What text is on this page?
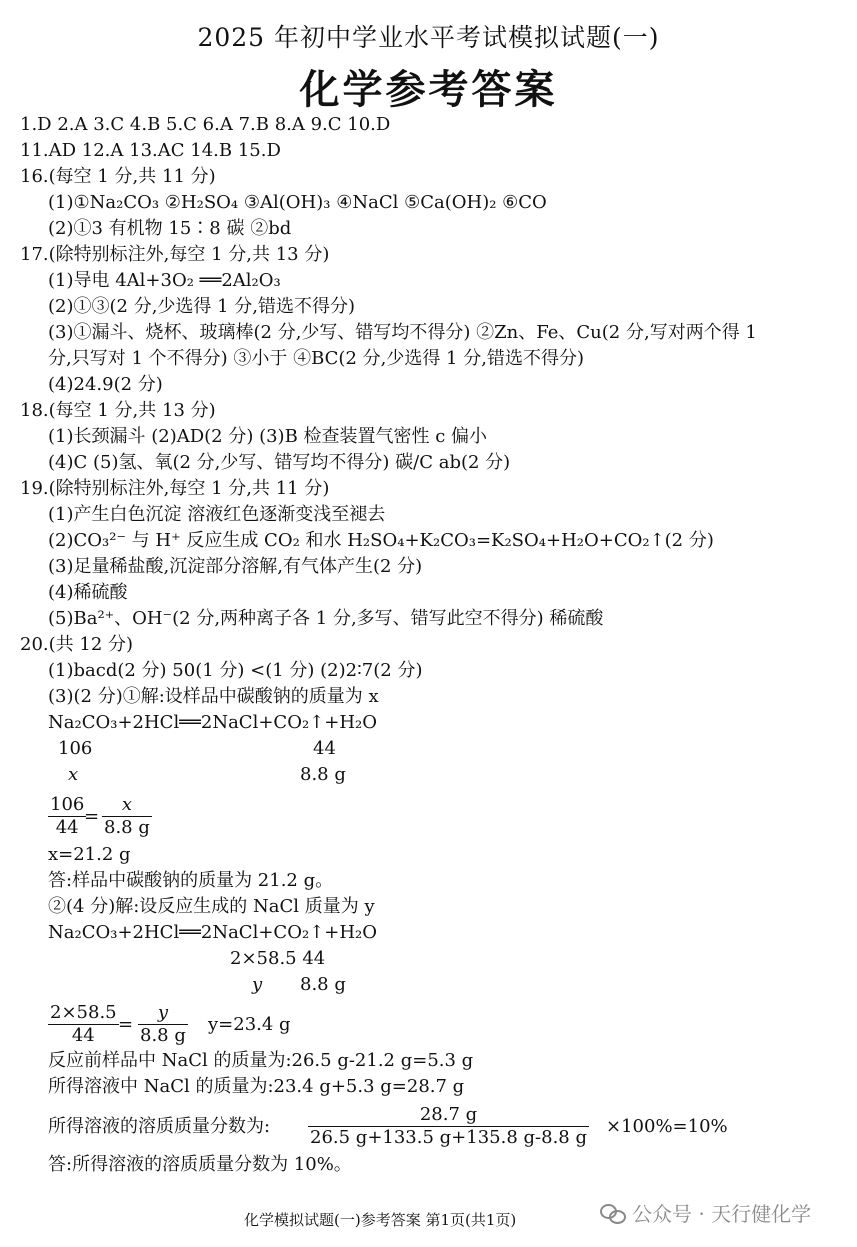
2025 年初中学业水平考试模拟试题(一)
化学参考答案
1.D 2.A 3.C 4.B 5.C 6.A 7.B 8.A 9.C 10.D
11.AD 12.A 13.AC 14.B 15.D
16.(每空 1 分,共 11 分)
(1)①Na₂CO₃ ②H₂SO₄ ③Al(OH)₃ ④NaCl ⑤Ca(OH)₂ ⑥CO
(2)①3 有机物 15∶8 碳 ②bd
17.(除特别标注外,每空 1 分,共 13 分)
(1)导电 4Al+3O₂ ══2Al₂O₃
(2)①③(2 分,少选得 1 分,错选不得分)
(3)①漏斗、烧杯、玻璃棒(2 分,少写、错写均不得分) ②Zn、Fe、Cu(2 分,写对两个得 1
分,只写对 1 个不得分) ③小于 ④BC(2 分,少选得 1 分,错选不得分)
(4)24.9(2 分)
18.(每空 1 分,共 13 分)
(1)长颈漏斗 (2)AD(2 分) (3)B 检查装置气密性 c 偏小
(4)C (5)氢、氧(2 分,少写、错写均不得分) 碳/C ab(2 分)
19.(除特别标注外,每空 1 分,共 11 分)
(1)产生白色沉淀 溶液红色逐渐变浅至褪去
(2)CO₃²⁻ 与 H⁺ 反应生成 CO₂ 和水 H₂SO₄+K₂CO₃=K₂SO₄+H₂O+CO₂↑(2 分)
(3)足量稀盐酸,沉淀部分溶解,有气体产生(2 分)
(4)稀硫酸
(5)Ba²⁺、OH⁻(2 分,两种离子各 1 分,多写、错写此空不得分) 稀硫酸
20.(共 12 分)
(1)bacd(2 分) 50(1 分) <(1 分) (2)2∶7(2 分)
(3)(2 分)①解:设样品中碳酸钠的质量为 x
Na₂CO₃+2HCl══2NaCl+CO₂↑+H₂O
106	44
x	8.8 g
106
44
=
x
8.8 g
x=21.2 g
答:样品中碳酸钠的质量为 21.2 g。
②(4 分)解:设反应生成的 NaCl 质量为 y
Na₂CO₃+2HCl══2NaCl+CO₂↑+H₂O
2×58.5 44
y 8.8 g
2×58.5
44
=
y
8.8 g
y=23.4 g
反应前样品中 NaCl 的质量为:26.5 g-21.2 g=5.3 g
所得溶液中 NaCl 的质量为:23.4 g+5.3 g=28.7 g
所得溶液的溶质质量分数为:
28.7 g
26.5 g+133.5 g+135.8 g-8.8 g
×100%=10%
答:所得溶液的溶质质量分数为 10%。
化学模拟试题(一)参考答案 第1页(共1页)	公众号 · 天行健化学
